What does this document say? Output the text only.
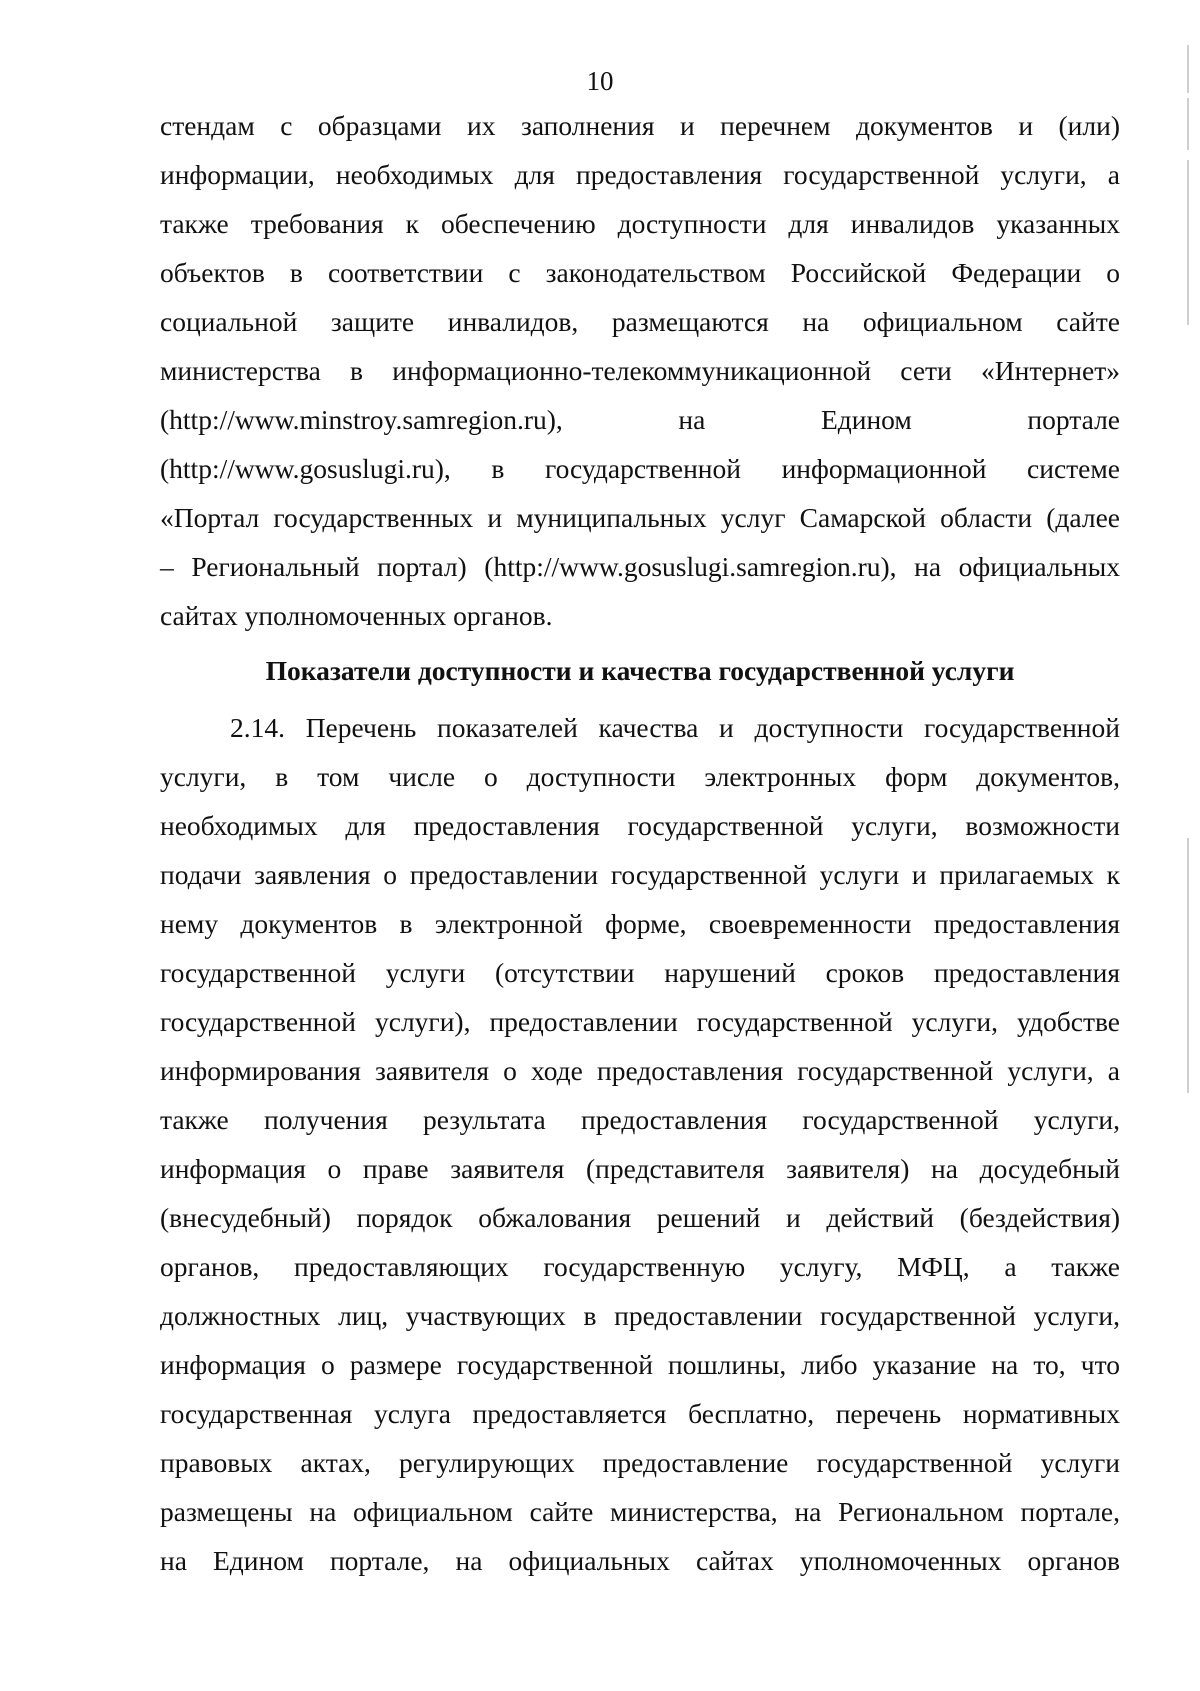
10
стендам с образцами их заполнения и перечнем документов и (или)
информации, необходимых для предоставления государственной услуги, а
также требования к обеспечению доступности для инвалидов указанных
объектов в соответствии с законодательством Российской Федерации о
социальной защите инвалидов, размещаются на официальном сайте
министерства в информационно-телекоммуникационной сети «Интернет»
(http://www.minstroy.samregion.ru), на Едином портале
(http://www.gosuslugi.ru), в государственной информационной системе
«Портал государственных и муниципальных услуг Самарской области (далее
– Региональный портал) (http://www.gosuslugi.samregion.ru), на официальных
сайтах уполномоченных органов.
Показатели доступности и качества государственной услуги
2.14. Перечень показателей качества и доступности государственной
услуги, в том числе о доступности электронных форм документов,
необходимых для предоставления государственной услуги, возможности
подачи заявления о предоставлении государственной услуги и прилагаемых к
нему документов в электронной форме, своевременности предоставления
государственной услуги (отсутствии нарушений сроков предоставления
государственной услуги), предоставлении государственной услуги, удобстве
информирования заявителя о ходе предоставления государственной услуги, а
также получения результата предоставления государственной услуги,
информация о праве заявителя (представителя заявителя) на досудебный
(внесудебный) порядок обжалования решений и действий (бездействия)
органов, предоставляющих государственную услугу, МФЦ, а также
должностных лиц, участвующих в предоставлении государственной услуги,
информация о размере государственной пошлины, либо указание на то, что
государственная услуга предоставляется бесплатно, перечень нормативных
правовых актах, регулирующих предоставление государственной услуги
размещены на официальном сайте министерства, на Региональном портале,
на Едином портале, на официальных сайтах уполномоченных органов
